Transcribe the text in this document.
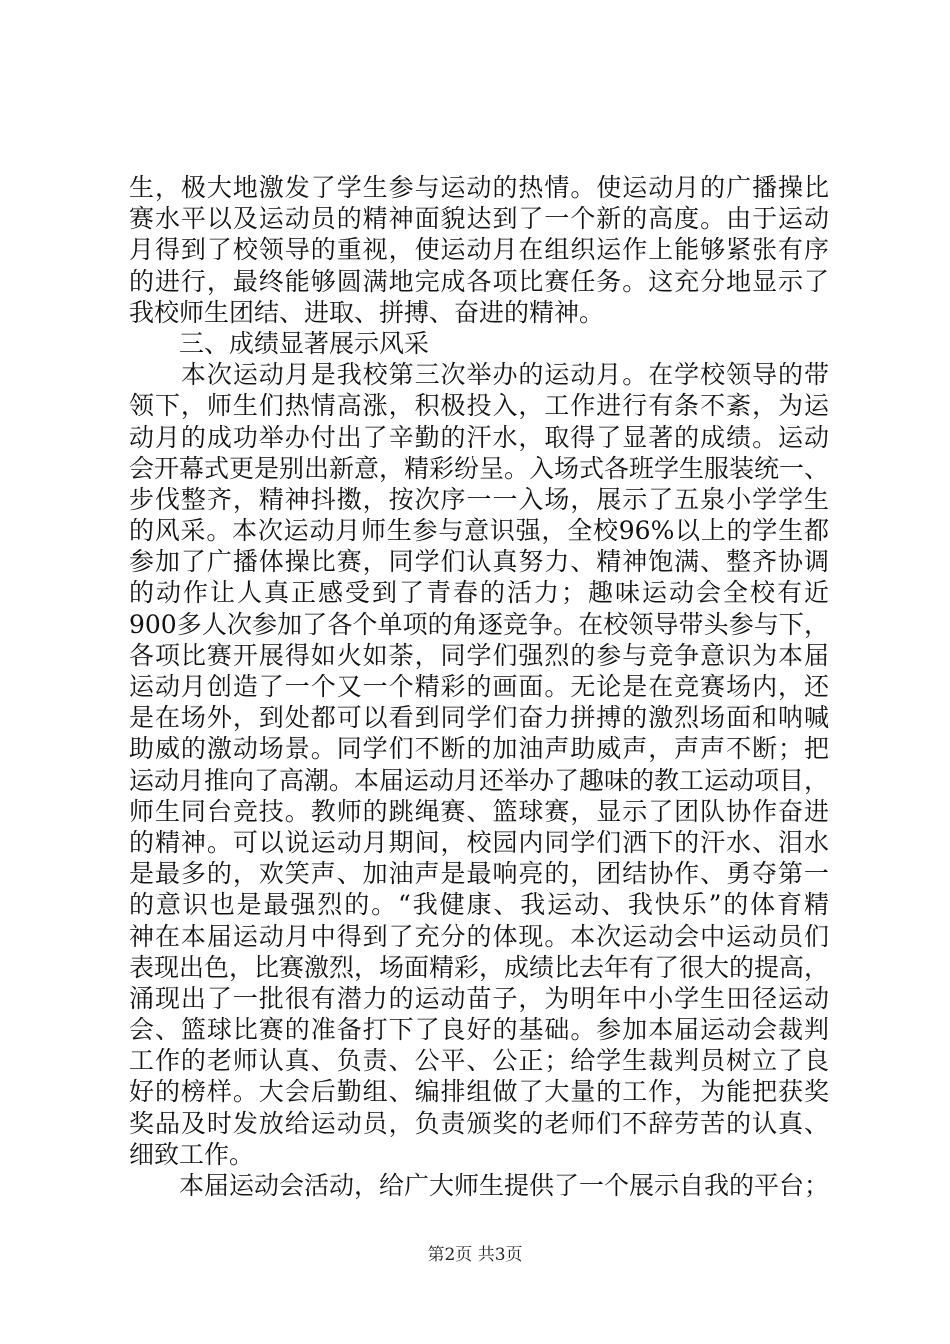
生，极大地激发了学生参与运动的热情。使运动月的广播操比
赛水平以及运动员的精神面貌达到了一个新的高度。由于运动
月得到了校领导的重视，使运动月在组织运作上能够紧张有序
的进行，最终能够圆满地完成各项比赛任务。这充分地显示了
我校师生团结、进取、拼搏、奋进的精神。
　　三、成绩显著展示风采
　　本次运动月是我校第三次举办的运动月。在学校领导的带
领下，师生们热情高涨，积极投入，工作进行有条不紊，为运
动月的成功举办付出了辛勤的汗水，取得了显著的成绩。运动
会开幕式更是别出新意，精彩纷呈。入场式各班学生服装统一、
步伐整齐，精神抖擞，按次序一一入场，展示了五泉小学学生
的风采。本次运动月师生参与意识强，全校96%以上的学生都
参加了广播体操比赛，同学们认真努力、精神饱满、整齐协调
的动作让人真正感受到了青春的活力；趣味运动会全校有近
900多人次参加了各个单项的角逐竞争。在校领导带头参与下，
各项比赛开展得如火如荼，同学们强烈的参与竞争意识为本届
运动月创造了一个又一个精彩的画面。无论是在竞赛场内，还
是在场外，到处都可以看到同学们奋力拼搏的激烈场面和呐喊
助威的激动场景。同学们不断的加油声助威声，声声不断；把
运动月推向了高潮。本届运动月还举办了趣味的教工运动项目，
师生同台竞技。教师的跳绳赛、篮球赛，显示了团队协作奋进
的精神。可以说运动月期间，校园内同学们洒下的汗水、泪水
是最多的，欢笑声、加油声是最响亮的，团结协作、勇夺第一
的意识也是最强烈的。“我健康、我运动、我快乐”的体育精
神在本届运动月中得到了充分的体现。本次运动会中运动员们
表现出色，比赛激烈，场面精彩，成绩比去年有了很大的提高，
涌现出了一批很有潜力的运动苗子，为明年中小学生田径运动
会、篮球比赛的准备打下了良好的基础。参加本届运动会裁判
工作的老师认真、负责、公平、公正；给学生裁判员树立了良
好的榜样。大会后勤组、编排组做了大量的工作，为能把获奖
奖品及时发放给运动员，负责颁奖的老师们不辞劳苦的认真、
细致工作。
　　本届运动会活动，给广大师生提供了一个展示自我的平台；
第2页 共3页
